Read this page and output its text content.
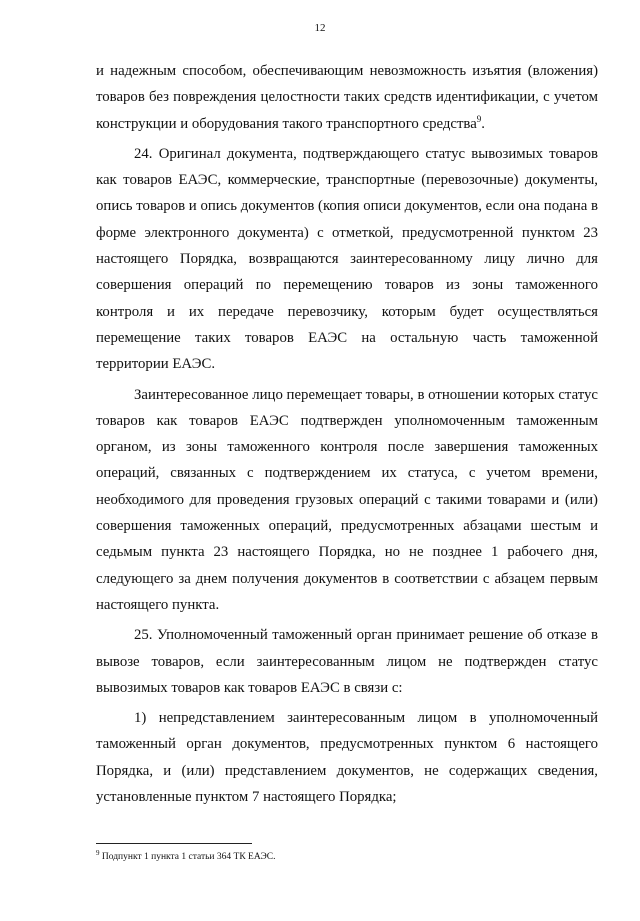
12

и надежным способом, обеспечивающим невозможность изъятия (вложения) товаров без повреждения целостности таких средств идентификации, с учетом конструкции и оборудования такого транспортного средства$^9$.

24. Оригинал документа, подтверждающего статус вывозимых товаров как товаров ЕАЭС, коммерческие, транспортные (перевозочные) документы, опись товаров и опись документов (копия описи документов, если она подана в форме электронного документа) с отметкой, предусмотренной пунктом 23 настоящего Порядка, возвращаются заинтересованному лицу лично для совершения операций по перемещению товаров из зоны таможенного контроля и их передаче перевозчику, которым будет осуществляться перемещение таких товаров ЕАЭС на остальную часть таможенной территории ЕАЭС.

Заинтересованное лицо перемещает товары, в отношении которых статус товаров как товаров ЕАЭС подтвержден уполномоченным таможенным органом, из зоны таможенного контроля после завершения таможенных операций, связанных с подтверждением их статуса, с учетом времени, необходимого для проведения грузовых операций с такими товарами и (или) совершения таможенных операций, предусмотренных абзацами шестым и седьмым пункта 23 настоящего Порядка, но не позднее 1 рабочего дня, следующего за днем получения документов в соответствии с абзацем первым настоящего пункта.

25. Уполномоченный таможенный орган принимает решение об отказе в вывозе товаров, если заинтересованным лицом не подтвержден статус вывозимых товаров как товаров ЕАЭС в связи с:

1) непредставлением заинтересованным лицом в уполномоченный таможенный орган документов, предусмотренных пунктом 6 настоящего Порядка, и (или) представлением документов, не содержащих сведения, установленные пунктом 7 настоящего Порядка;

$^9$ Подпункт 1 пункта 1 статьи 364 ТК ЕАЭС.
